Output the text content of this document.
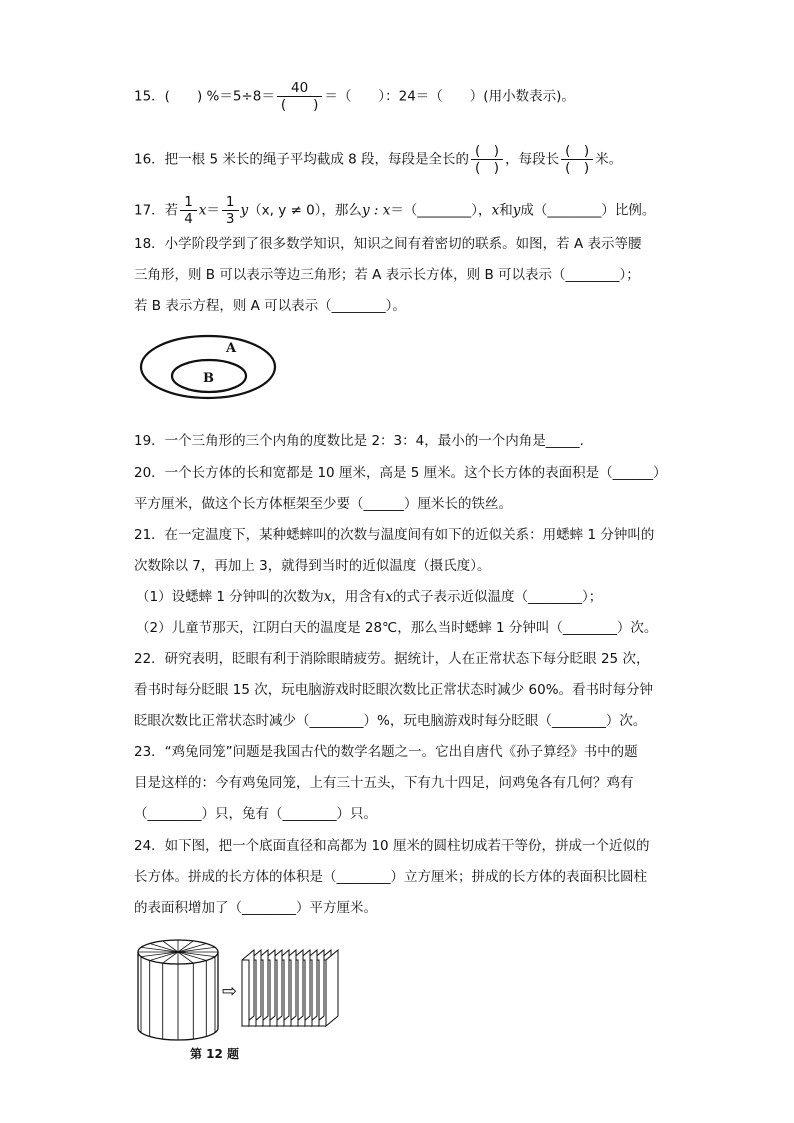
15．(　　) $\%=5\div 8= \frac{40}{( )}$ ＝（　　）：24＝（　　）(用小数表示)。
16．把一根 5 米长的绳子平均截成 8 段，每段是全长的 $\frac{( )}{( )}$ ，每段长 $\frac{( )}{( )}$ 米。
17．若 $\frac{1}{4} x= \frac{1}{3} y(x$, y ≠ 0），那么y : x＝（________），x和y成（________）比例。
18．小学阶段学到了很多数学知识，知识之间有着密切的联系。如图，若 A 表示等腰
三角形，则 B 可以表示等边三角形；若 A 表示长方体，则 B 可以表示（________）；
若 B 表示方程，则 A 可以表示（________）。
A
B
19．一个三角形的三个内角的度数比是 2：3：4，最小的一个内角是_____.
20．一个长方体的长和宽都是 10 厘米，高是 5 厘米。这个长方体的表面积是（______）
平方厘米，做这个长方体框架至少要（______）厘米长的铁丝。
21．在一定温度下，某种蟋蟀叫的次数与温度间有如下的近似关系：用蟋蟀 1 分钟叫的
次数除以 7，再加上 3，就得到当时的近似温度（摄氏度）。
（1）设蟋蟀 1 分钟叫的次数为x，用含有x的式子表示近似温度（________）；
（2）儿童节那天，江阴白天的温度是 28℃，那么当时蟋蟀 1 分钟叫（________）次。
22．研究表明，眨眼有利于消除眼睛疲劳。据统计，人在正常状态下每分眨眼 25 次，
看书时每分眨眼 15 次，玩电脑游戏时眨眼次数比正常状态时减少 60%。看书时每分钟
眨眼次数比正常状态时减少（________）%，玩电脑游戏时每分眨眼（________）次。
23．“鸡兔同笼”问题是我国古代的数学名题之一。它出自唐代《孙子算经》书中的题
目是这样的：今有鸡兔同笼，上有三十五头，下有九十四足，问鸡兔各有几何？鸡有
（________）只，兔有（________）只。
24．如下图，把一个底面直径和高都为 10 厘米的圆柱切成若干等份，拼成一个近似的
长方体。拼成的长方体的体积是（________）立方厘米；拼成的长方体的表面积比圆柱
的表面积增加了（________）平方厘米。
⇨
第 12 题
